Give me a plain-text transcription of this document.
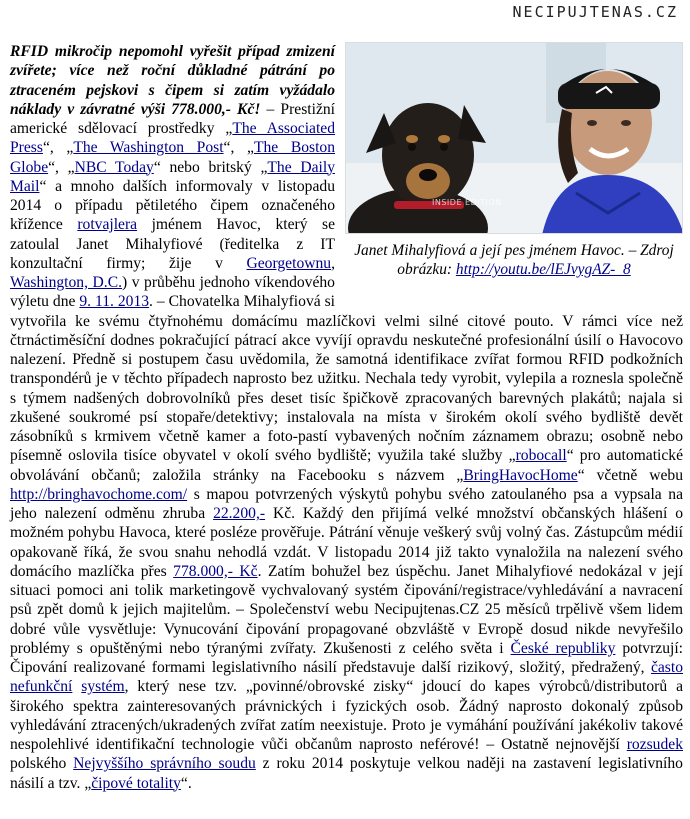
NECIPUJTENAS.CZ
INSIDE EDITION
Janet Mihalyfiová a její pes jménem Havoc. – Zdroj obrázku: http://youtu.be/lEJvygAZ-_8
RFID mikročip nepomohl vyřešit případ zmizení zvířete; více než roční důkladné pátrání po ztraceném pejskovi s čipem si zatím vyžádalo náklady v závratné výši 778.000,- Kč! – Prestižní americké sdělovací prostředky „The Associated Press“, „The Washington Post“, „The Boston Globe“, „NBC Today“ nebo britský „The Daily Mail“ a mnoho dalších informovaly v listopadu 2014 o případu pětiletého čipem označeného křížence rotvajlera jménem Havoc, který se zatoulal Janet Mihalyfiové (ředitelka z IT konzultační firmy; žije v Georgetownu, Washington, D.C.) v průběhu jednoho víkendového výletu dne 9. 11. 2013. – Chovatelka Mihalyfiová si vytvořila ke svému čtyřnohému domácímu mazlíčkovi velmi silné citové pouto. V rámci více než čtrnáctiměsíční dodnes pokračující pátrací akce vyvíjí opravdu neskutečné profesionální úsilí o Havocovo nalezení. Předně si postupem času uvědomila, že samotná identifikace zvířat formou RFID podkožních transpondérů je v těchto případech naprosto bez užitku. Nechala tedy vyrobit, vylepila a roznesla společně s týmem nadšených dobrovolníků přes deset tisíc špičkově zpracovaných barevných plakátů; najala si zkušené soukromé psí stopaře/detektivy; instalovala na místa v širokém okolí svého bydliště devět zásobníků s krmivem včetně kamer a foto-pastí vybavených nočním záznamem obrazu; osobně nebo písemně oslovila tisíce obyvatel v okolí svého bydliště; využila také služby „robocall“ pro automatické obvolávání občanů; založila stránky na Facebooku s názvem „BringHavocHome“ včetně webu http://bringhavochome.com/ s mapou potvrzených výskytů pohybu svého zatoulaného psa a vypsala na jeho nalezení odměnu zhruba 22.200,- Kč. Každý den přijímá velké množství občanských hlášení o možném pohybu Havoca, které posléze prověřuje. Pátrání věnuje veškerý svůj volný čas. Zástupcům médií opakovaně říká, že svou snahu nehodlá vzdát. V listopadu 2014 již takto vynaložila na nalezení svého domácího mazlíčka přes 778.000,- Kč. Zatím bohužel bez úspěchu. Janet Mihalyfiové nedokázal v její situaci pomoci ani tolik marketingově vychvalovaný systém čipování/registrace/vyhledávání a navracení psů zpět domů k jejich majitelům. – Společenství webu Necipujtenas.CZ 25 měsíců trpělivě všem lidem dobré vůle vysvětluje: Vynucování čipování propagované obzvláště v Evropě dosud nikde nevyřešilo problémy s opuštěnými nebo týranými zvířaty. Zkušenosti z celého světa i České republiky potvrzují: Čipování realizované formami legislativního násilí představuje další rizikový, složitý, předražený, často nefunkční systém, který nese tzv. „povinné/obrovské zisky“ jdoucí do kapes výrobců/distributorů a širokého spektra zainteresovaných právnických i fyzických osob. Žádný naprosto dokonalý způsob vyhledávání ztracených/ukradených zvířat zatím neexistuje. Proto je vymáhání používání jakékoliv takové nespolehlivé identifikační technologie vůči občanům naprosto neférové! – Ostatně nejnovější rozsudek polského Nejvyššího správního soudu z roku 2014 poskytuje velkou naději na zastavení legislativního násilí a tzv. „čipové totality“.
